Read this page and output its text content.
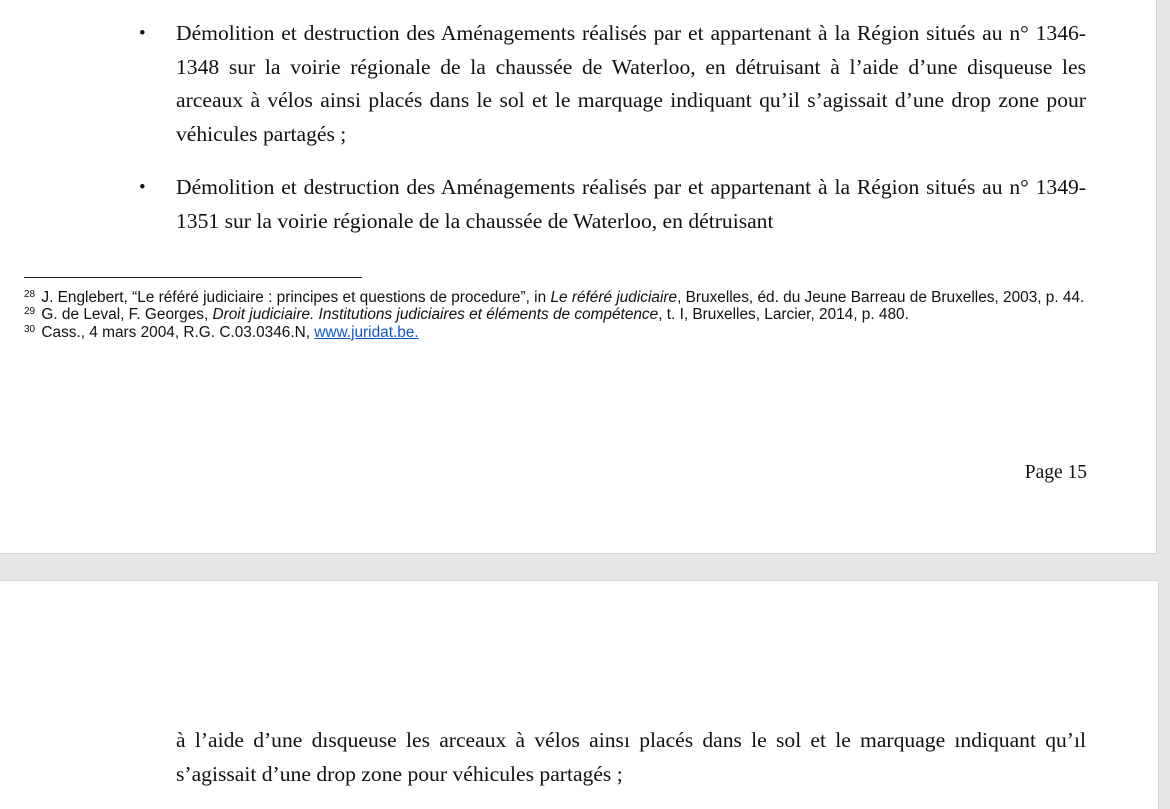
• Démolition et destruction des Aménagements réalisés par et appartenant à la Région situés au n° 1346-1348 sur la voirie régionale de la chaussée de Waterloo, en détruisant à l’aide d’une disqueuse les arceaux à vélos ainsi placés dans le sol et le marquage indiquant qu’il s’agissait d’une drop zone pour véhicules partagés ;
• Démolition et destruction des Aménagements réalisés par et appartenant à la Région situés au n° 1349-1351 sur la voirie régionale de la chaussée de Waterloo, en détruisant

$^{28}$ J. Englebert, “Le référé judiciaire : principes et questions de procedure”, in Le référé judiciaire, Bruxelles, éd. du Jeune Barreau de Bruxelles, 2003, p. 44.

$^{29}$ G. de Leval, F. Georges, Droit judiciaire. Institutions judiciaires et éléments de compétence, t. I, Bruxelles, Larcier, 2014, p. 480.

$^{30}$ Cass., 4 mars 2004, R.G. C.03.0346.N, www.juridat.be.

Page 15
à l’aide d’une dısqueuse les arceaux à vélos ainsı placés dans le sol et le marquage ındiquant qu’ıl s’agissait d’une drop zone pour véhicules partagés ;
